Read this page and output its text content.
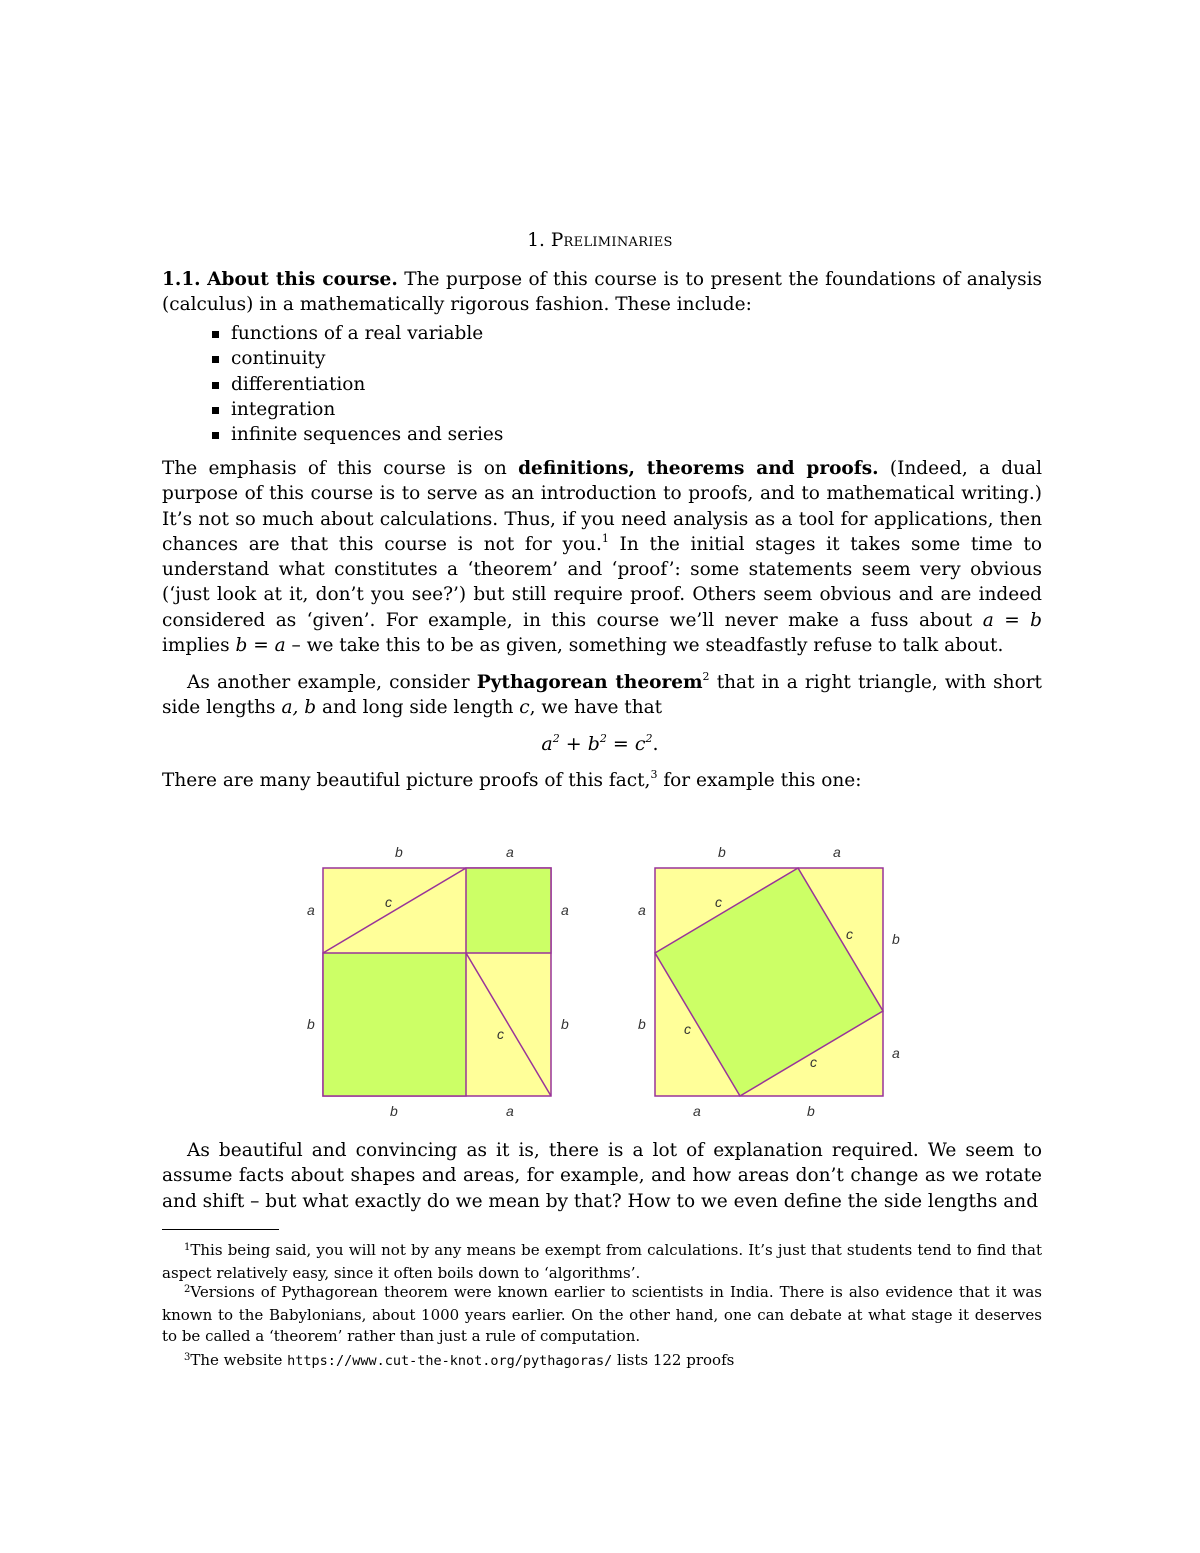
1. Preliminaries
1.1. About this course. The purpose of this course is to present the foundations of analysis (calculus) in a mathematically rigorous fashion. These include:
functions of a real variable
continuity
differentiation
integration
infinite sequences and series
The emphasis of this course is on definitions, theorems and proofs. (Indeed, a dual purpose of this course is to serve as an introduction to proofs, and to mathematical writing.) It’s not so much about calculations. Thus, if you need analysis as a tool for applications, then chances are that this course is not for you.$^1$ In the initial stages it takes some time to understand what constitutes a ‘theorem’ and ‘proof’: some statements seem very obvious (‘just look at it, don’t you see?’) but still require proof. Others seem obvious and are indeed considered as ‘given’. For example, in this course we’ll never make a fuss about a = b implies b = a – we take this to be as given, something we steadfastly refuse to talk about.
As another example, consider Pythagorean theorem$^2$ that in a right triangle, with short side lengths a, b and long side length c, we have that
$a^2 + b^2 = c^2$.
There are many beautiful picture proofs of this fact,$^3$ for example this one:
b	a
a	a
c
b	b
c
b	a
b	a
a	c
c	b
b	c
c
a
a	b
As beautiful and convincing as it is, there is a lot of explanation required. We seem to assume facts about shapes and areas, for example, and how areas don’t change as we rotate and shift – but what exactly do we mean by that? How to we even define the side lengths and
$^1$This being said, you will not by any means be exempt from calculations. It’s just that students tend to find that aspect relatively easy, since it often boils down to ‘algorithms’.
$^2$Versions of Pythagorean theorem were known earlier to scientists in India. There is also evidence that it was known to the Babylonians, about 1000 years earlier. On the other hand, one can debate at what stage it deserves to be called a ‘theorem’ rather than just a rule of computation.
$^3$The website https://www.cut-the-knot.org/pythagoras/ lists 122 proofs
